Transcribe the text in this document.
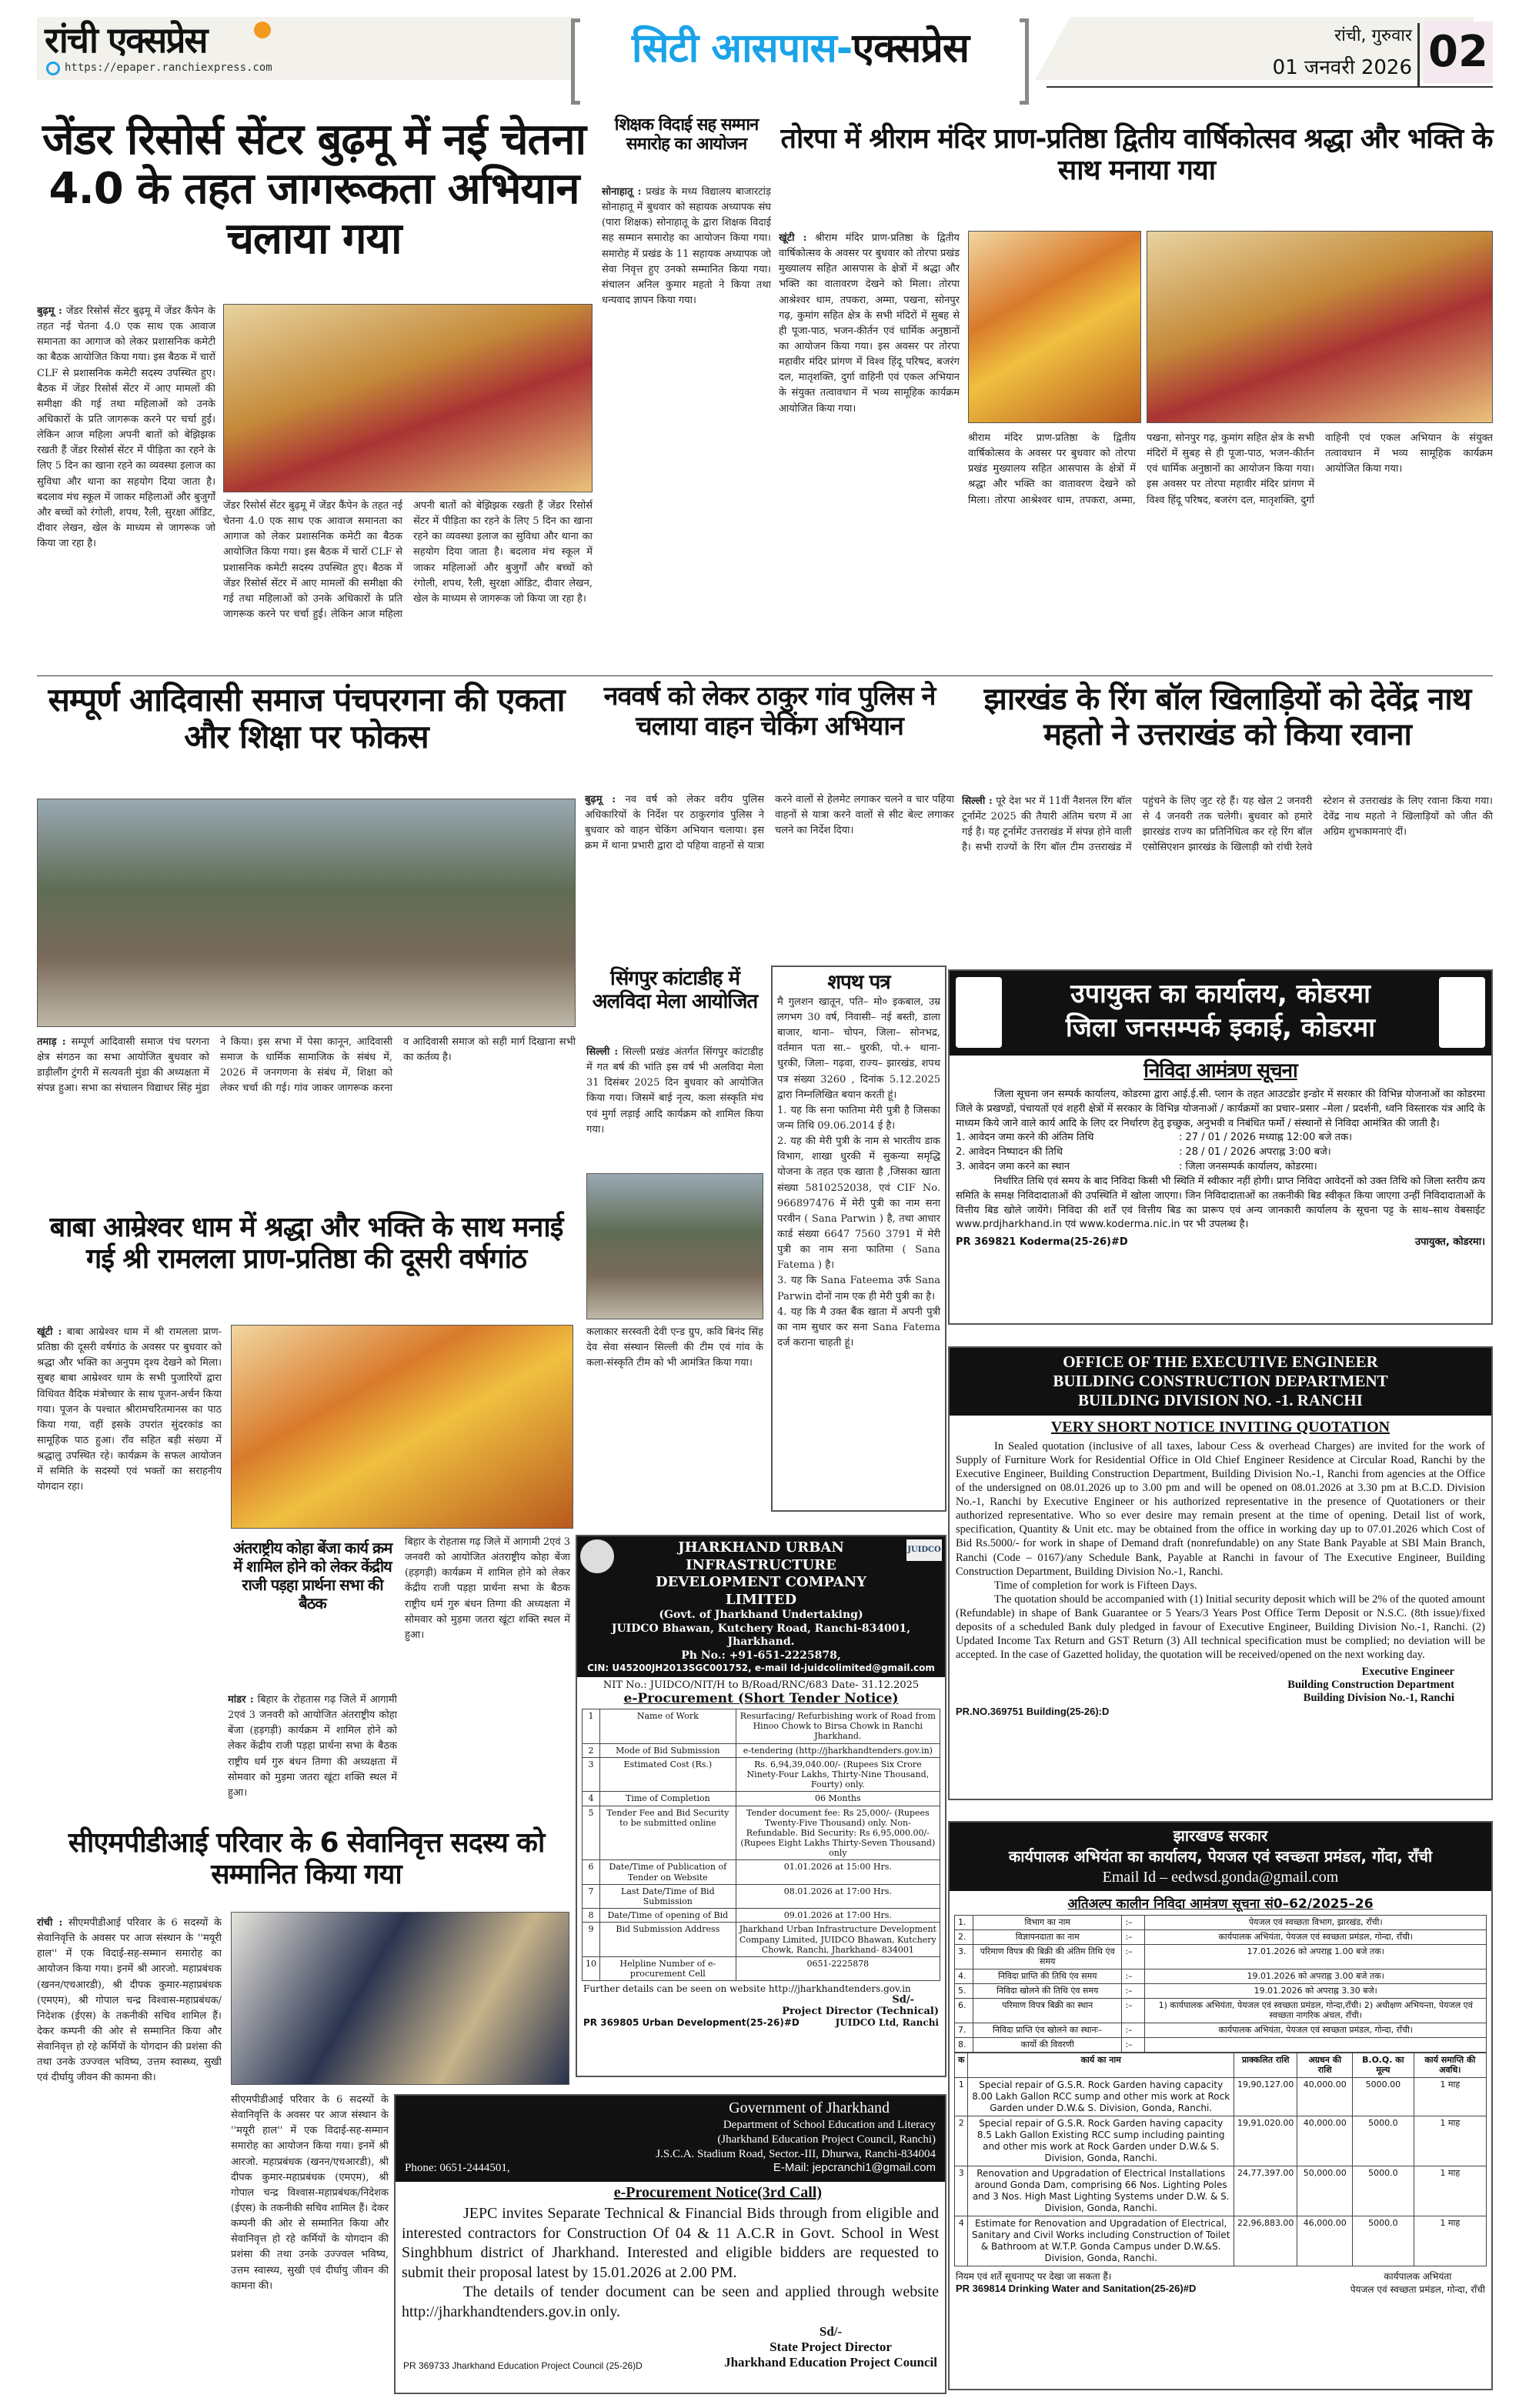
रांची एक्सप्रेस
https://epaper.ranchiexpress.com	सिटी आसपास-एक्सप्रेस	रांची, गुरुवार
01 जनवरी 2026 02
जेंडर रिसोर्स सेंटर बुढ़मू में नई चेतना 4.0 के तहत जागरूकता अभियान चलाया गया
बुढ़मू : जेंडर रिसोर्स सेंटर बुढ़मू में जेंडर कैंपेन के तहत नई चेतना 4.0 एक साथ एक आवाज समानता का आगाज को लेकर प्रशासनिक कमेटी का बैठक आयोजित किया गया। इस बैठक में चारों CLF से प्रशासनिक कमेटी सदस्य उपस्थित हुए। बैठक में जेंडर रिसोर्स सेंटर में आए मामलों की समीक्षा की गई तथा महिलाओं को उनके अधिकारों के प्रति जागरूक करने पर चर्चा हुई। लेकिन आज महिला अपनी बातों को बेझिझक रखती हैं जेंडर रिसोर्स सेंटर में पीड़िता का रहने के लिए 5 दिन का खाना रहने का व्यवस्था इलाज का सुविधा और थाना का सहयोग दिया जाता है। बदलाव मंच स्कूल में जाकर महिलाओं और बुजुर्गों और बच्चों को रंगोली, शपथ, रैली, सुरक्षा ऑडिट, दीवार लेखन, खेल के माध्यम से जागरूक जो किया जा रहा है।
जेंडर रिसोर्स सेंटर बुढ़मू में जेंडर कैंपेन के तहत नई चेतना 4.0 एक साथ एक आवाज समानता का आगाज को लेकर प्रशासनिक कमेटी का बैठक आयोजित किया गया। इस बैठक में चारों CLF से प्रशासनिक कमेटी सदस्य उपस्थित हुए। बैठक में जेंडर रिसोर्स सेंटर में आए मामलों की समीक्षा की गई तथा महिलाओं को उनके अधिकारों के प्रति जागरूक करने पर चर्चा हुई। लेकिन आज महिला अपनी बातों को बेझिझक रखती हैं जेंडर रिसोर्स सेंटर में पीड़िता का रहने के लिए 5 दिन का खाना रहने का व्यवस्था इलाज का सुविधा और थाना का सहयोग दिया जाता है। बदलाव मंच स्कूल में जाकर महिलाओं और बुजुर्गों और बच्चों को रंगोली, शपथ, रैली, सुरक्षा ऑडिट, दीवार लेखन, खेल के माध्यम से जागरूक जो किया जा रहा है।
शिक्षक विदाई सह सम्मान समारोह का आयोजन
सोनाहातू : प्रखंड के मध्य विद्यालय बाजारटांड़ सोनाहातू में बुधवार को सहायक अध्यापक संघ (पारा शिक्षक) सोनाहातू के द्वारा शिक्षक विदाई सह सम्मान समारोह का आयोजन किया गया। समारोह में प्रखंड के 11 सहायक अध्यापक जो सेवा निवृत्त हुए उनको सम्मानित किया गया। संचालन अनिल कुमार महतो ने किया तथा धन्यवाद ज्ञापन किया गया।
तोरपा में श्रीराम मंदिर प्राण-प्रतिष्ठा द्वितीय वार्षिकोत्सव श्रद्धा और भक्ति के साथ मनाया गया
खूंटी : श्रीराम मंदिर प्राण-प्रतिष्ठा के द्वितीय वार्षिकोत्सव के अवसर पर बुधवार को तोरपा प्रखंड मुख्यालय सहित आसपास के क्षेत्रों में श्रद्धा और भक्ति का वातावरण देखने को मिला। तोरपा आश्रेश्वर धाम, तपकरा, अम्मा, पखना, सोनपुर गढ़, कुमांग सहित क्षेत्र के सभी मंदिरों में सुबह से ही पूजा-पाठ, भजन-कीर्तन एवं धार्मिक अनुष्ठानों का आयोजन किया गया। इस अवसर पर तोरपा महावीर मंदिर प्रांगण में विश्व हिंदू परिषद, बजरंग दल, मातृशक्ति, दुर्गा वाहिनी एवं एकल अभियान के संयुक्त तत्वावधान में भव्य सामूहिक कार्यक्रम आयोजित किया गया।
श्रीराम मंदिर प्राण-प्रतिष्ठा के द्वितीय वार्षिकोत्सव के अवसर पर बुधवार को तोरपा प्रखंड मुख्यालय सहित आसपास के क्षेत्रों में श्रद्धा और भक्ति का वातावरण देखने को मिला। तोरपा आश्रेश्वर धाम, तपकरा, अम्मा, पखना, सोनपुर गढ़, कुमांग सहित क्षेत्र के सभी मंदिरों में सुबह से ही पूजा-पाठ, भजन-कीर्तन एवं धार्मिक अनुष्ठानों का आयोजन किया गया। इस अवसर पर तोरपा महावीर मंदिर प्रांगण में विश्व हिंदू परिषद, बजरंग दल, मातृशक्ति, दुर्गा वाहिनी एवं एकल अभियान के संयुक्त तत्वावधान में भव्य सामूहिक कार्यक्रम आयोजित किया गया।
सम्पूर्ण आदिवासी समाज पंचपरगना की एकता और शिक्षा पर फोकस
तमाड़ : सम्पूर्ण आदिवासी समाज पंच परगना क्षेत्र संगठन का सभा आयोजित बुधवार को डाड़ीलौंग टुंगरी में सत्यवती मुंडा की अध्यक्षता में संपन्न हुआ। सभा का संचालन विद्याधर सिंह मुंडा ने किया। इस सभा में पेसा कानून, आदिवासी समाज के धार्मिक सामाजिक के संबंध में, 2026 में जनगणना के संबंध में, शिक्षा को लेकर चर्चा की गई। गांव जाकर जागरूक करना व आदिवासी समाज को सही मार्ग दिखाना सभी का कर्तव्य है।
नववर्ष को लेकर ठाकुर गांव पुलिस ने चलाया वाहन चेकिंग अभियान
बुढ़मू : नव वर्ष को लेकर वरीय पुलिस अधिकारियों के निर्देश पर ठाकुरगांव पुलिस ने बुधवार को वाहन चेकिंग अभियान चलाया। इस क्रम में थाना प्रभारी द्वारा दो पहिया वाहनों से यात्रा करने वालों से हेलमेट लगाकर चलने व चार पहिया वाहनों से यात्रा करने वालों से सीट बेल्ट लगाकर चलने का निर्देश दिया।
सिंगपुर कांटाडीह में अलविदा मेला आयोजित
सिल्ली : सिल्ली प्रखंड अंतर्गत सिंगपुर कांटाडीह में गत बर्ष की भांति इस वर्ष भी अलविदा मेला 31 दिसंबर 2025 दिन बुधवार को आयोजित किया गया। जिसमें बाई नृत्य, कला संस्कृति मंच एवं मुर्गा लड़ाई आदि कार्यक्रम को शामिल किया गया।
कलाकार सरस्वती देवी एन्ड ग्रुप, कवि बिनंद सिंह देव सेवा संस्थान सिल्ली की टीम एवं गांव के कला-संस्कृति टीम को भी आमंत्रित किया गया।
शपथ पत्र
मै गुलशन खातून, पति– मो० इकबाल, उम्र लगभग 30 वर्ष, निवासी– नई बस्ती, डाला बाजार, थाना– चोपन, जिला– सोनभद्र, वर्तमान पता सा.– धुरकी, पो.+ थाना- धुरकी, जिला– गढ़वा, राज्य– झारखंड, शपथ पत्र संख्या 3260 , दिनांक 5.12.2025 द्वारा निम्नलिखित बयान करती हूं।
1. यह कि सना फातिमा मेरी पुत्री है जिसका जन्म तिथि 09.06.2014 ई है।
2. यह की मेरी पुत्री के नाम से भारतीय डाक विभाग, शाखा धुरकी में सुकन्या समृद्धि योजना के तहत एक खाता है ,जिसका खाता संख्या 5810252038, एवं CIF No. 966897476 में मेरी पुत्री का नाम सना परवीन ( Sana Parwin ) है, तथा आधार कार्ड संख्या 6647 7560 3791 में मेरी पुत्री का नाम सना फातिमा ( Sana Fatema ) है।
3. यह कि Sana Fateema उर्फ Sana Parwin दोनों नाम एक ही मेरी पुत्री का है।
4. यह कि मै उक्त बैंक खाता में अपनी पुत्री का नाम सुधार कर सना Sana Fatema दर्ज कराना चाहती हूं।
झारखंड के रिंग बॉल खिलाड़ियों को देवेंद्र नाथ महतो ने उत्तराखंड को किया रवाना
सिल्ली : पूरे देश भर में 11वीं नैशनल रिंग बॉल टूर्नामेंट 2025 की तैयारी अंतिम चरण में आ गई है। यह टूर्नामेंट उत्तराखंड में संपन्न होने वाली है। सभी राज्यों के रिंग बॉल टीम उत्तराखंड में पहुंचने के लिए जुट रहे हैं। यह खेल 2 जनवरी से 4 जनवरी तक चलेगी। बुधवार को हमारे झारखंड राज्य का प्रतिनिधित्व कर रहे रिंग बॉल एसोसिएशन झारखंड के खिलाड़ी को रांची रेलवे स्टेशन से उत्तराखंड के लिए रवाना किया गया। देवेंद्र नाथ महतो ने खिलाड़ियों को जीत की अग्रिम शुभकामनाएं दीं।
उपायुक्त का कार्यालय, कोडरमा
जिला जनसम्पर्क इकाई, कोडरमा
निविदा आमंत्रण सूचना

जिला सूचना जन सम्पर्क कार्यालय, कोडरमा द्वारा आई.ई.सी. प्लान के तहत आउटडोर इन्डोर में सरकार की विभिन्न योजनाओं का कोडरमा जिले के प्रखण्डों, पंचायतों एवं शहरी क्षेत्रों में सरकार के विभिन्न योजनाओं / कार्यक्रमों का प्रचार–प्रसार –मेला / प्रदर्शनी, ध्वनि विस्तारक यंत्र आदि के माध्यम किये जाने वाले कार्य आदि के लिए दर निर्धारण हेतु इच्छुक, अनुभवी व निबंधित फर्मो / संस्थानों से निविदा आमंत्रित की जाती है।

1. आवेदन जमा करने की अंतिम तिथि	: 27 / 01 / 2026 मध्याह्न 12:00 बजे तक।
2. आवेदन निष्पादन की तिथि	: 28 / 01 / 2026 अपराह्न 3:00 बजे।
3. आवेदन जमा करने का स्थान	: जिला जनसम्पर्क कार्यालय, कोडरमा।

निर्धारित तिथि एवं समय के बाद निविदा किसी भी स्थिति में स्वीकार नहीं होगी। प्राप्त निविदा आवेदनों को उक्त तिथि को जिला स्तरीय क्रय समिति के समक्ष निविदादाताओं की उपस्थिति में खोला जाएगा। जिन निविदादाताओं का तकनीकी बिड स्वीकृत किया जाएगा उन्हीं निविदादाताओं के वित्तीय बिड खोले जायेंगे। निविदा की शर्तें एवं वित्तीय बिड का प्रारूप एवं अन्य जानकारी कार्यालय के सूचना पट्ट के साथ–साथ वेबसाईट www.prdjharkhand.in एवं www.koderma.nic.in पर भी उपलब्ध है।

PR 369821 Koderma(25-26)#D	उपायुक्त, कोडरमा।
बाबा आम्रेश्वर धाम में श्रद्धा और भक्ति के साथ मनाई गई श्री रामलला प्राण-प्रतिष्ठा की दूसरी वर्षगांठ
खूंटी : बाबा आम्रेश्वर धाम में श्री रामलला प्राण-प्रतिष्ठा की दूसरी वर्षगांठ के अवसर पर बुधवार को श्रद्धा और भक्ति का अनुपम दृश्य देखने को मिला। सुबह बाबा आम्रेश्वर धाम के सभी पुजारियों द्वारा विधिवत वैदिक मंत्रोच्चार के साथ पूजन-अर्चन किया गया। पूजन के पश्चात श्रीरामचरितमानस का पाठ किया गया, वहीं इसके उपरांत सुंदरकांड का सामूहिक पाठ हुआ। राँव सहित बड़ी संख्या में श्रद्धालु उपस्थित रहे। कार्यक्रम के सफल आयोजन में समिति के सदस्यों एवं भक्तों का सराहनीय योगदान रहा।
अंतराष्ट्रीय कोहा बेंजा कार्य क्रम में शामिल होने को लेकर केंद्रीय राजी पड़हा प्रार्थना सभा की बैठक
मांडर : बिहार के रोहतास गढ़ जिले में आगामी 2एवं 3 जनवरी को आयोजित अंतराष्ट्रीय कोहा बेंजा (हड़गड़ी) कार्यक्रम में शामिल होने को लेकर केंद्रीय राजी पड़हा प्रार्थना सभा के बैठक राष्ट्रीय धर्म गुरु बंधन तिग्गा की अध्यक्षता में सोमवार को मुड़मा जतरा खूंटा शक्ति स्थल में हुआ।
बिहार के रोहतास गढ़ जिले में आगामी 2एवं 3 जनवरी को आयोजित अंतराष्ट्रीय कोहा बेंजा (हड़गड़ी) कार्यक्रम में शामिल होने को लेकर केंद्रीय राजी पड़हा प्रार्थना सभा के बैठक राष्ट्रीय धर्म गुरु बंधन तिग्गा की अध्यक्षता में सोमवार को मुड़मा जतरा खूंटा शक्ति स्थल में हुआ।
JUIDCO
JHARKHAND URBAN INFRASTRUCTURE
DEVELOPMENT COMPANY LIMITED
(Govt. of Jharkhand Undertaking)
JUIDCO Bhawan, Kutchery Road, Ranchi-834001, Jharkhand.
Ph No.: +91-651-2225878,
CIN: U45200JH2013SGC001752, e-mail Id-juidcolimited@gmail.com
NIT No.: JUIDCO/NIT/H to B/Road/RNC/683 Date- 31.12.2025
e-Procurement (Short Tender Notice)
1	Name of Work	Resurfacing/ Refurbishing work of Road from Hinoo Chowk to Birsa Chowk in Ranchi Jharkhand.
2	Mode of Bid Submission	e-tendering (http://jharkhandtenders.gov.in)
3	Estimated Cost (Rs.)	Rs. 6,94,39,040.00/- (Rupees Six Crore Ninety-Four Lakhs, Thirty-Nine Thousand, Fourty) only.
4	Time of Completion	06 Months
5	Tender Fee and Bid Security to be submitted online	Tender document fee: Rs 25,000/- (Rupees Twenty-Five Thousand) only. Non-Refundable. Bid Security: Rs 6,95,000.00/- (Rupees Eight Lakhs Thirty-Seven Thousand) only
6	Date/Time of Publication of Tender on Website	01.01.2026 at 15:00 Hrs.
7	Last Date/Time of Bid Submission	08.01.2026 at 17:00 Hrs.
8	Date/Time of opening of Bid	09.01.2026 at 17:00 Hrs.
9	Bid Submission Address	Jharkhand Urban Infrastructure Development Company Limited, JUIDCO Bhawan, Kutchery Chowk, Ranchi, Jharkhand- 834001
10	Helpline Number of e-procurement Cell	0651-2225878
Further details can be seen on website http://jharkhandtenders.gov.in
Sd/-
Project Director (Technical)
PR 369805 Urban Development(25-26)#D	JUIDCO Ltd, Ranchi
OFFICE OF THE EXECUTIVE ENGINEER
BUILDING CONSTRUCTION DEPARTMENT
BUILDING DIVISION NO. -1. RANCHI
VERY SHORT NOTICE INVITING QUOTATION

In Sealed quotation (inclusive of all taxes, labour Cess & overhead Charges) are invited for the work of Supply of Furniture Work for Residential Office in Old Chief Engineer Residence at Circular Road, Ranchi by the Executive Engineer, Building Construction Department, Building Division No.-1, Ranchi from agencies at the Office of the undersigned on 08.01.2026 up to 3.00 pm and will be opened on 08.01.2026 at 3.30 pm at B.C.D. Division No.-1, Ranchi by Executive Engineer or his authorized representative in the presence of Quotationers or their authorized representative. Who so ever desire may remain present at the time of opening. Detail list of work, specification, Quantity & Unit etc. may be obtained from the office in working day up to 07.01.2026 which Cost of Bid Rs.5000/- for work in shape of Demand draft (nonrefundable) on any State Bank Payable at SBI Main Branch, Ranchi (Code – 0167)/any Schedule Bank, Payable at Ranchi in favour of The Executive Engineer, Building Construction Department, Building Division No.-1, Ranchi.

Time of completion for work is Fifteen Days.

The quotation should be accompanied with (1) Initial security deposit which will be 2% of the quoted amount (Refundable) in shape of Bank Guarantee or 5 Years/3 Years Post Office Term Deposit or N.S.C. (8th issue)/fixed deposits of a scheduled Bank duly pledged in favour of Executive Engineer, Building Division No.-1, Ranchi. (2) Updated Income Tax Return and GST Return (3) All technical specification must be complied; no deviation will be accepted. In the case of Gazetted holiday, the quotation will be received/opened on the next working day.

Executive Engineer
Building Construction Department
Building Division No.-1, Ranchi
PR.NO.369751 Building(25-26):D
सीएमपीडीआई परिवार के 6 सेवानिवृत्त सदस्य को सम्मानित किया गया
रांची : सीएमपीडीआई परिवार के 6 सदस्यों के सेवानिवृत्ति के अवसर पर आज संस्थान के ''मयूरी हाल'' में एक विदाई-सह-सम्मान समारोह का आयोजन किया गया। इनमें श्री आरजो. महाप्रबंधक (खनन/एचआरडी), श्री दीपक कुमार-महाप्रबंधक (एमएम), श्री गोपाल चन्द्र विश्वास-महाप्रबंधक/निदेशक (ईएस) के तकनीकी सचिव शामिल हैं। देकर कम्पनी की ओर से सम्मानित किया और सेवानिवृत्त हो रहे कर्मियों के योगदान की प्रशंसा की तथा उनके उज्ज्वल भविष्य, उत्तम स्वास्थ्य, सुखी एवं दीर्घायु जीवन की कामना की।
सीएमपीडीआई परिवार के 6 सदस्यों के सेवानिवृत्ति के अवसर पर आज संस्थान के ''मयूरी हाल'' में एक विदाई-सह-सम्मान समारोह का आयोजन किया गया। इनमें श्री आरजो. महाप्रबंधक (खनन/एचआरडी), श्री दीपक कुमार-महाप्रबंधक (एमएम), श्री गोपाल चन्द्र विश्वास-महाप्रबंधक/निदेशक (ईएस) के तकनीकी सचिव शामिल हैं। देकर कम्पनी की ओर से सम्मानित किया और सेवानिवृत्त हो रहे कर्मियों के योगदान की प्रशंसा की तथा उनके उज्ज्वल भविष्य, उत्तम स्वास्थ्य, सुखी एवं दीर्घायु जीवन की कामना की।
Government of Jharkhand
Department of School Education and Literacy
(Jharkhand Education Project Council, Ranchi)
J.S.C.A. Stadium Road, Sector.-III, Dhurwa, Ranchi-834004
Phone: 0651-2444501,	E-Mail: jepcranchi1@gmail.com
e-Procurement Notice(3rd Call)

JEPC invites Separate Technical & Financial Bids through from eligible and interested contractors for Construction Of 04 & 11 A.C.R in Govt. School in West Singhbhum district of Jharkhand. Interested and eligible bidders are requested to submit their proposal latest by 15.01.2026 at 2.00 PM.

The details of tender document can be seen and applied through website http://jharkhandtenders.gov.in only.

PR 369733 Jharkhand Education Project Council (25-26)D
Sd/-
State Project Director
Jharkhand Education Project Council
झारखण्ड सरकार
कार्यपालक अभियंता का कार्यालय, पेयजल एवं स्वच्छता प्रमंडल, गोंदा, राँची
Email Id – eedwsd.gonda@gmail.com
अतिअल्प कालीन निविदा आमंत्रण सूचना सं0–62/2025–26
1.	विभाग का नाम	:–	पेयजल एवं स्वच्छता विभाग, झारखंड, राँची।
2.	विज्ञापनदाता का नाम	:–	कार्यपालक अभियंता, पेयजल एवं स्वच्छता प्रमंडल, गोन्दा, राँची।
3.	परिमाण विपत्र की बिक्री की अंतिम तिथि एंव समय	:–	17.01.2026 को अपराह्न 1.00 बजे तक।
4.	निविदा प्राप्ति की तिथि एंव समय	:–	19.01.2026 को अपराह्न 3.00 बजे तक।
5.	निविदा खोलने की तिथि एंव समय	:–	19.01.2026 को अपराह्न 3.30 बजे।
6.	परिमाण विपत्र बिक्री का स्थान	:–	1) कार्यपालक अभियंता, पेयजल एवं स्वच्छता प्रमंडल, गोन्दा,राँची। 2) अधीक्षण अभियन्ता, पेयजल एवं स्वच्छता नागरिक अंचल, राँची।
7.	निविदा प्राप्ति एंव खोलने का स्थानः–	:–	कार्यपालक अभियंता, पेयजल एवं स्वच्छता प्रमंडल, गोन्दा, राँची।
8.	कार्यो की विवरणी	:–	
क	कार्य का नाम	प्राक्कलित राशि	अग्रधन की राशि	B.O.Q. का मूल्य	कार्य समाप्ति की अवधि।
1	Special repair of G.S.R. Rock Garden having capacity 8.00 Lakh Gallon RCC sump and other mis work at Rock Garden under D.W.& S. Division, Gonda, Ranchi.	19,90,127.00	40,000.00	5000.00	1 माह
2	Special repair of G.S.R. Rock Garden having capacity 8.5 Lakh Gallon Existing RCC sump including painting and other mis work at Rock Garden under D.W.& S. Division, Gonda, Ranchi.	19,91,020.00	40,000.00	5000.0	1 माह
3	Renovation and Upgradation of Electrical Installations around Gonda Dam, comprising 66 Nos. Lighting Poles and 3 Nos. High Mast Lighting Systems under D.W. & S. Division, Gonda, Ranchi.	24,77,397.00	50,000.00	5000.0	1 माह
4	Estimate for Renovation and Upgradation of Electrical, Sanitary and Civil Works including Construction of Toilet & Bathroom at W.T.P. Gonda Campus under D.W.&S. Division, Gonda, Ranchi.	22,96,883.00	46,000.00	5000.0	1 माह
नियम एवं शर्ते सूचनापट् पर देखा जा सकता हैं।
PR 369814 Drinking Water and Sanitation(25-26)#D
कार्यपालक अभियंता
पेयजल एवं स्वच्छता प्रमंडल, गोन्दा, राँची
